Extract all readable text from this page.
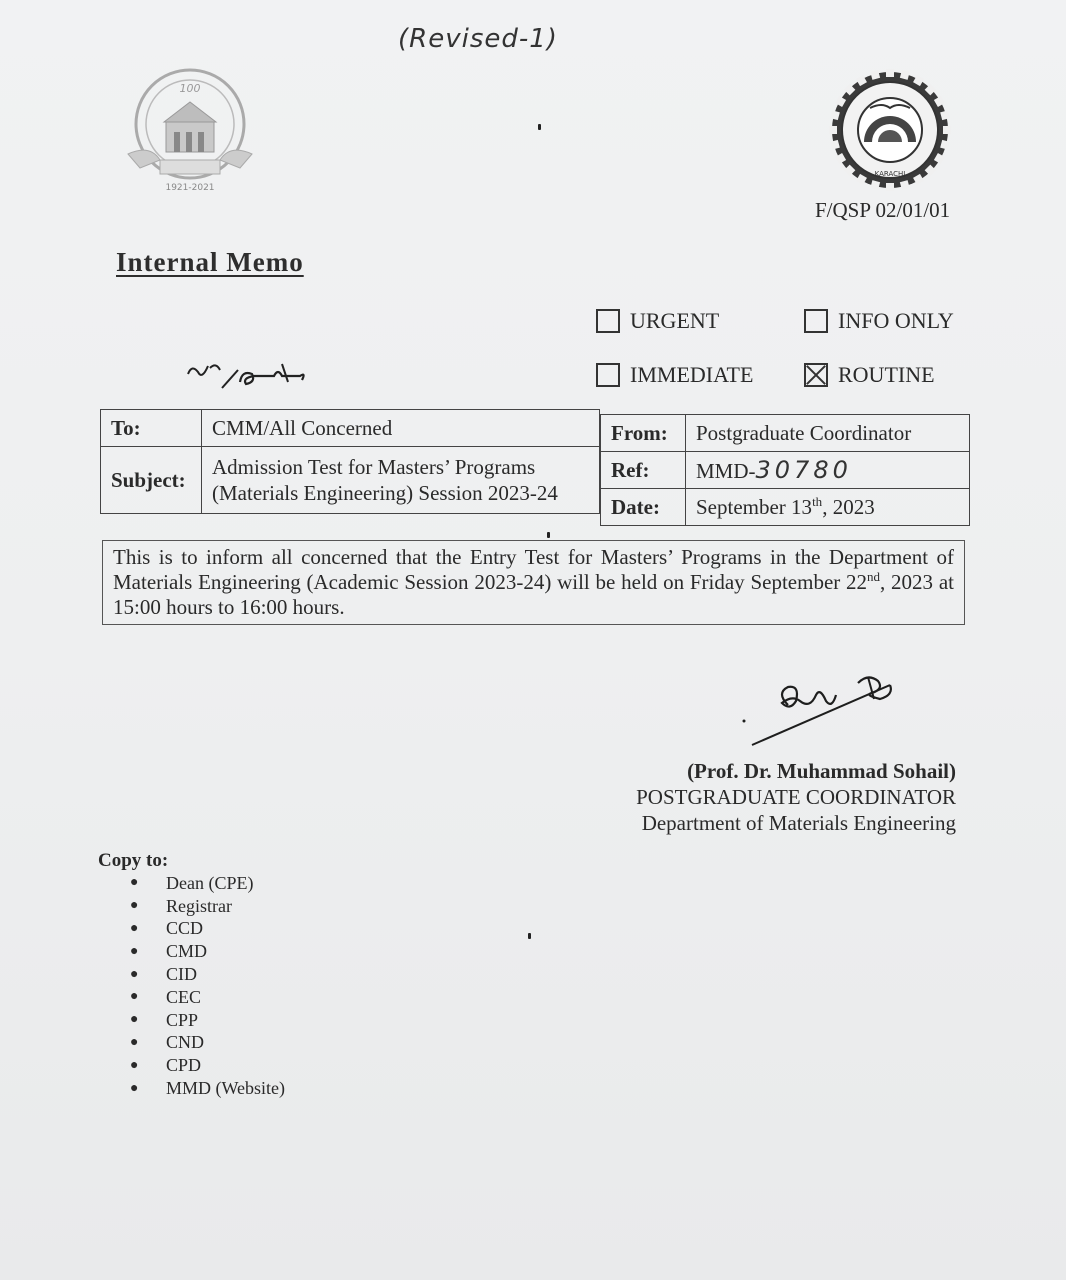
(Revised-1)
100
1921-2021
KARACHI
F/QSP 02/01/01
Internal Memo
URGENT	INFO ONLY
IMMEDIATE	ROUTINE
To:	CMM/All Concerned
Subject:	Admission Test for Masters’ Programs
(Materials Engineering) Session 2023-24
From:	Postgraduate Coordinator
Ref:	MMD-30780
Date:	September 13th, 2023
This is to inform all concerned that the Entry Test for Masters’ Programs in the Department of Materials Engineering (Academic Session 2023-24) will be held on Friday September 22nd, 2023 at 15:00 hours to 16:00 hours.
(Prof. Dr. Muhammad Sohail)
POSTGRADUATE COORDINATOR
Department of Materials Engineering
Copy to:
●	Dean (CPE)
●	Registrar
●	CCD
●	CMD
●	CID
●	CEC
●	CPP
●	CND
●	CPD
●	MMD (Website)
